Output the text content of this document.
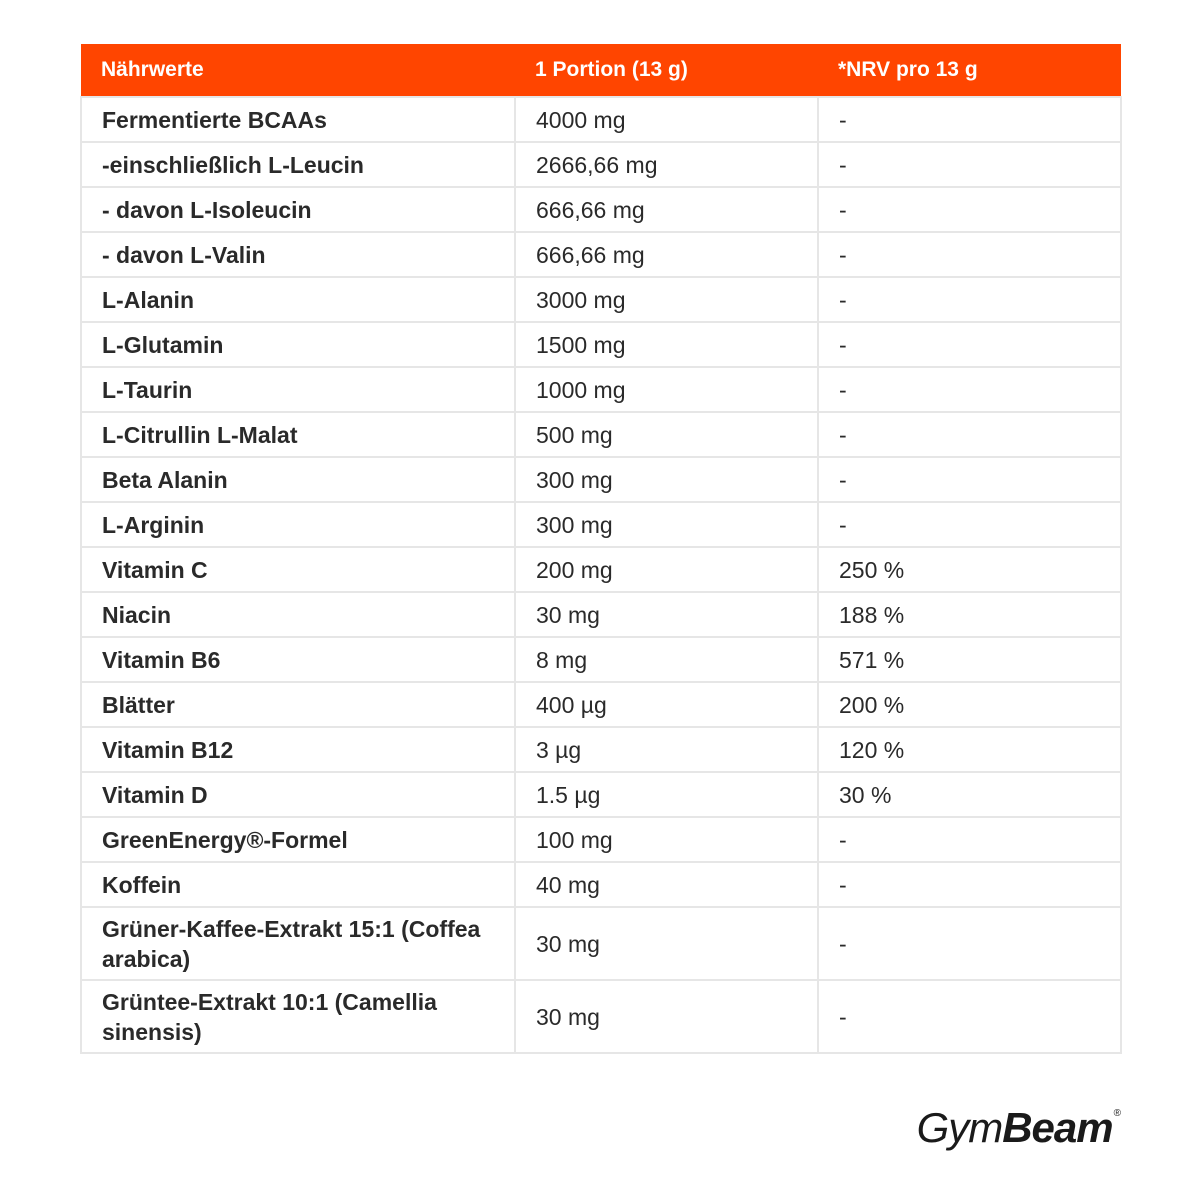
Nährwerte	1 Portion (13 g)	*NRV pro 13 g
Fermentierte BCAAs	4000 mg	-
-einschließlich L-Leucin	2666,66 mg	-
- davon L-Isoleucin	666,66 mg	-
- davon L-Valin	666,66 mg	-
L-Alanin	3000 mg	-
L-Glutamin	1500 mg	-
L-Taurin	1000 mg	-
L-Citrullin L-Malat	500 mg	-
Beta Alanin	300 mg	-
L-Arginin	300 mg	-
Vitamin C	200 mg	250 %
Niacin	30 mg	188 %
Vitamin B6	8 mg	571 %
Blätter	400 µg	200 %
Vitamin B12	3 µg	120 %
Vitamin D	1.5 µg	30 %
GreenEnergy®-Formel	100 mg	-
Koffein	40 mg	-
Grüner-Kaffee-Extrakt 15:1 (Coffea arabica)	30 mg	-
Grüntee-Extrakt 10:1 (Camellia sinensis)	30 mg	-
GymBeam®
